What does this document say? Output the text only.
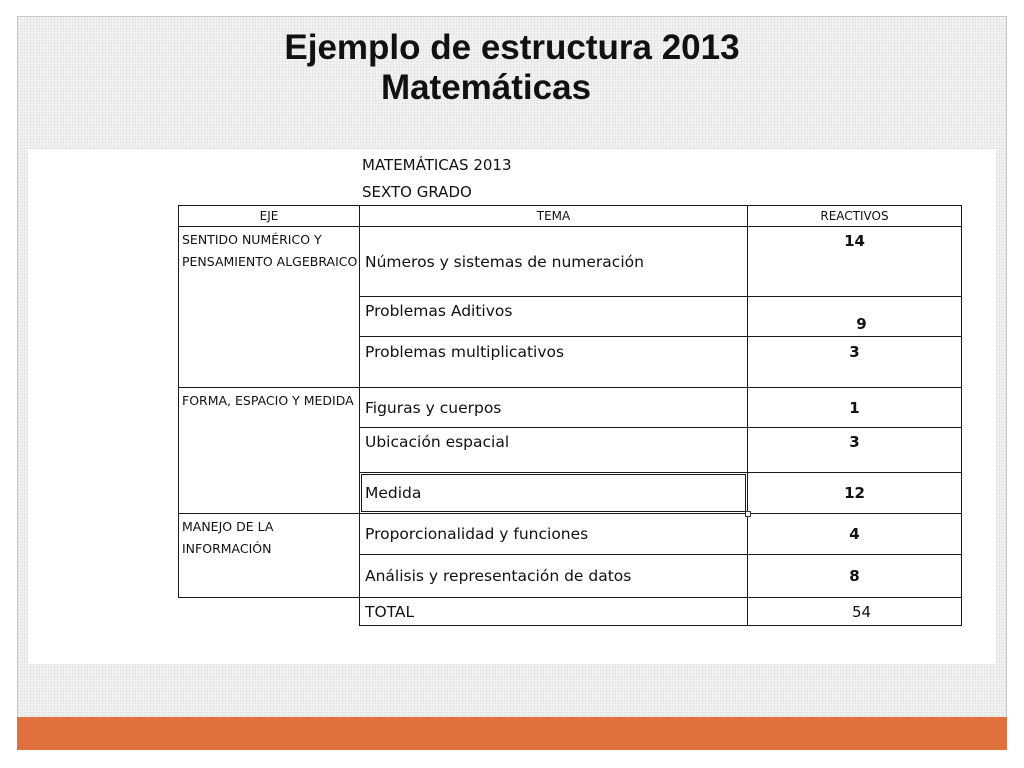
Ejemplo de estructura 2013
Matemáticas
MATEMÁTICAS 2013
SEXTO GRADO
EJE	TEMA	REACTIVOS
SENTIDO NUMÉRICO Y PENSAMIENTO ALGEBRAICO	Números y sistemas de numeración	14
	Problemas Aditivos	9
	Problemas multiplicativos	3
FORMA, ESPACIO Y MEDIDA	Figuras y cuerpos	1
	Ubicación espacial	3
	Medida	12
MANEJO DE LA INFORMACIÓN	Proporcionalidad y funciones	4
	Análisis y representación de datos	8
	TOTAL	54
